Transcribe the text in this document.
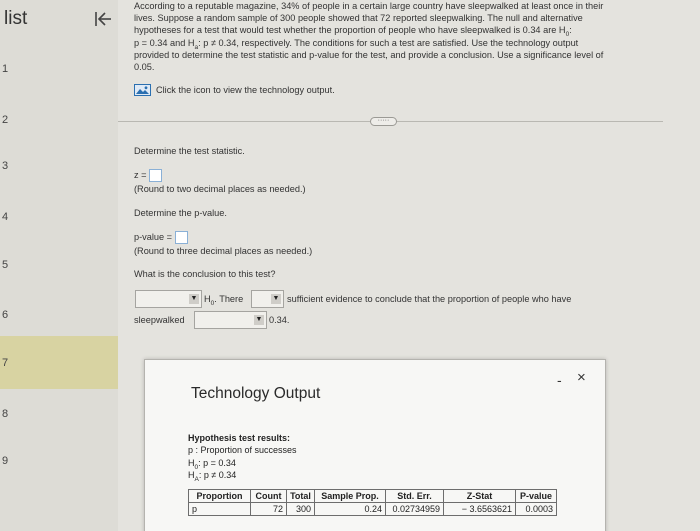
list
1
2
3
4
5
6
7
8
9

According to a reputable magazine, 34% of people in a certain large country have sleepwalked at least once in their

lives. Suppose a random sample of 300 people showed that 72 reported sleepwalking. The null and alternative

hypotheses for a test that would test whether the proportion of people who have sleepwalked is 0.34 are $H_0$:

p = 0.34 and $H_a$: p ≠ 0.34, respectively. The conditions for such a test are satisfied. Use the technology output

provided to determine the test statistic and p-value for the test, and provide a conclusion. Use a significance level of

0.05.

Click the icon to view the technology output.
·····
Determine the test statistic.
z =
(Round to two decimal places as needed.)
Determine the p-value.
p-value =
(Round to three decimal places as needed.)
What is the conclusion to this test?
▼ $H_0$. There	▼ sufficient evidence to conclude that the proportion of people who have
sleepwalked	▼ 0.34.
Technology Output
- ×
Hypothesis test results:
p : Proportion of successes
$H_0$: p = 0.34
$H_A$: p ≠ 0.34
Proportion	Count	Total	Sample Prop.	Std. Err.	Z-Stat	P-value
p	72	300	0.24	0.02734959	− 3.6563621	0.0003
